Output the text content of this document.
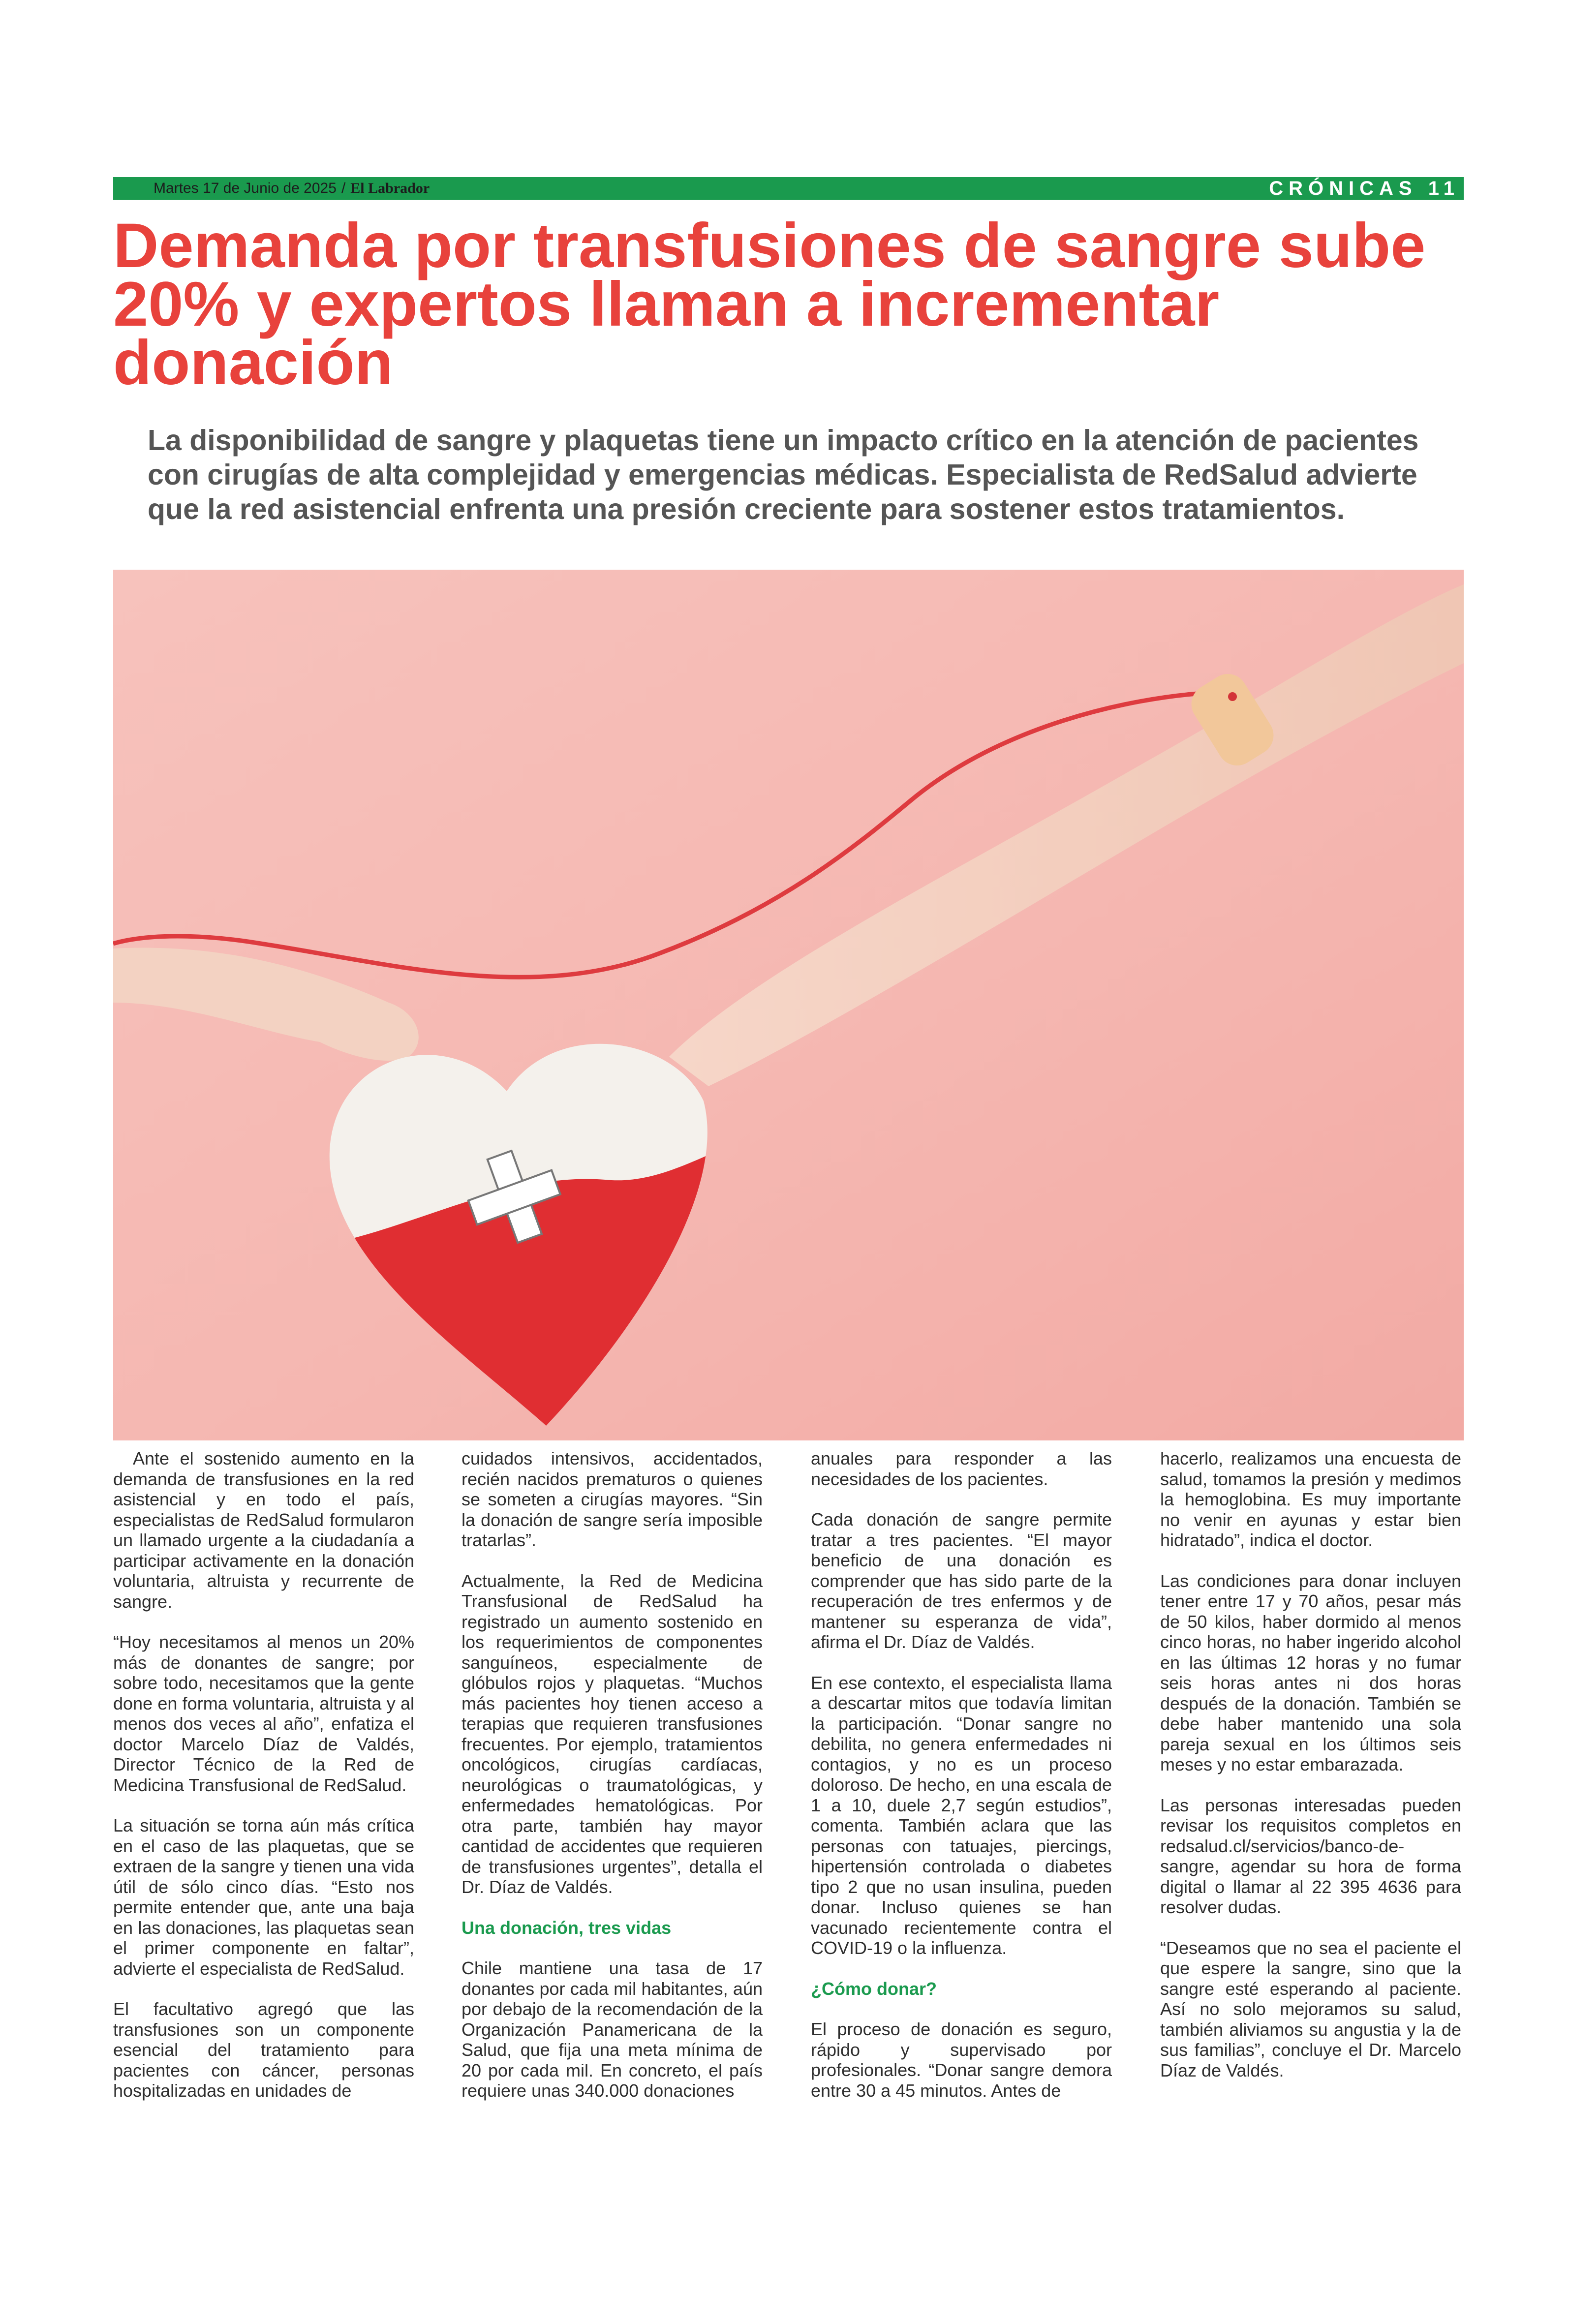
Martes 17 de Junio de 2025 / El Labrador	CRÓNICAS 11
Demanda por transfusiones de sangre sube 20% y expertos llaman a incrementar donación

La disponibilidad de sangre y plaquetas tiene un impacto crítico en la atención de pacientes con cirugías de alta complejidad y emergencias médicas. Especialista de RedSalud advierte que la red asistencial enfrenta una presión creciente para sostener estos tratamientos.

Ante el sostenido aumento en la demanda de transfusiones en la red asistencial y en todo el país, especialistas de RedSalud formularon un llamado urgente a la ciudadanía a participar activamente en la donación voluntaria, altruista y recurrente de sangre.

“Hoy necesitamos al menos un 20% más de donantes de sangre; por sobre todo, necesitamos que la gente done en forma voluntaria, altruista y al menos dos veces al año”, enfatiza el doctor Marcelo Díaz de Valdés, Director Técnico de la Red de Medicina Transfusional de RedSalud.

La situación se torna aún más crítica en el caso de las plaquetas, que se extraen de la sangre y tienen una vida útil de sólo cinco días. “Esto nos permite entender que, ante una baja en las donaciones, las plaquetas sean el primer componente en faltar”, advierte el especialista de RedSalud.

El facultativo agregó que las transfusiones son un componente esencial del tratamiento para pacientes con cáncer, personas hospitalizadas en unidades de

cuidados intensivos, accidentados, recién nacidos prematuros o quienes se someten a cirugías mayores. “Sin la donación de sangre sería imposible tratarlas”.

Actualmente, la Red de Medicina Transfusional de RedSalud ha registrado un aumento sostenido en los requerimientos de componentes sanguíneos, especialmente de glóbulos rojos y plaquetas. “Muchos más pacientes hoy tienen acceso a terapias que requieren transfusiones frecuentes. Por ejemplo, tratamientos oncológicos, cirugías cardíacas, neurológicas o traumatológicas, y enfermedades hematológicas. Por otra parte, también hay mayor cantidad de accidentes que requieren de transfusiones urgentes”, detalla el Dr. Díaz de Valdés.

Una donación, tres vidas

Chile mantiene una tasa de 17 donantes por cada mil habitantes, aún por debajo de la recomendación de la Organización Panamericana de la Salud, que fija una meta mínima de 20 por cada mil. En concreto, el país requiere unas 340.000 donaciones

anuales para responder a las necesidades de los pacientes.

Cada donación de sangre permite tratar a tres pacientes. “El mayor beneficio de una donación es comprender que has sido parte de la recuperación de tres enfermos y de mantener su esperanza de vida”, afirma el Dr. Díaz de Valdés.

En ese contexto, el especialista llama a descartar mitos que todavía limitan la participación. “Donar sangre no debilita, no genera enfermedades ni contagios, y no es un proceso doloroso. De hecho, en una escala de 1 a 10, duele 2,7 según estudios”, comenta. También aclara que las personas con tatuajes, piercings, hipertensión controlada o diabetes tipo 2 que no usan insulina, pueden donar. Incluso quienes se han vacunado recientemente contra el COVID-19 o la influenza.

¿Cómo donar?

El proceso de donación es seguro, rápido y supervisado por profesionales. “Donar sangre demora entre 30 a 45 minutos. Antes de

hacerlo, realizamos una encuesta de salud, tomamos la presión y medimos la hemoglobina. Es muy importante no venir en ayunas y estar bien hidratado”, indica el doctor.

Las condiciones para donar incluyen tener entre 17 y 70 años, pesar más de 50 kilos, haber dormido al menos cinco horas, no haber ingerido alcohol en las últimas 12 horas y no fumar seis horas antes ni dos horas después de la donación. También se debe haber mantenido una sola pareja sexual en los últimos seis meses y no estar embarazada.

Las personas interesadas pueden revisar los requisitos completos en redsalud.cl/servicios/banco-de-sangre, agendar su hora de forma digital o llamar al 22 395 4636 para resolver dudas.

“Deseamos que no sea el paciente el que espere la sangre, sino que la sangre esté esperando al paciente. Así no solo mejoramos su salud, también aliviamos su angustia y la de sus familias”, concluye el Dr. Marcelo Díaz de Valdés.
